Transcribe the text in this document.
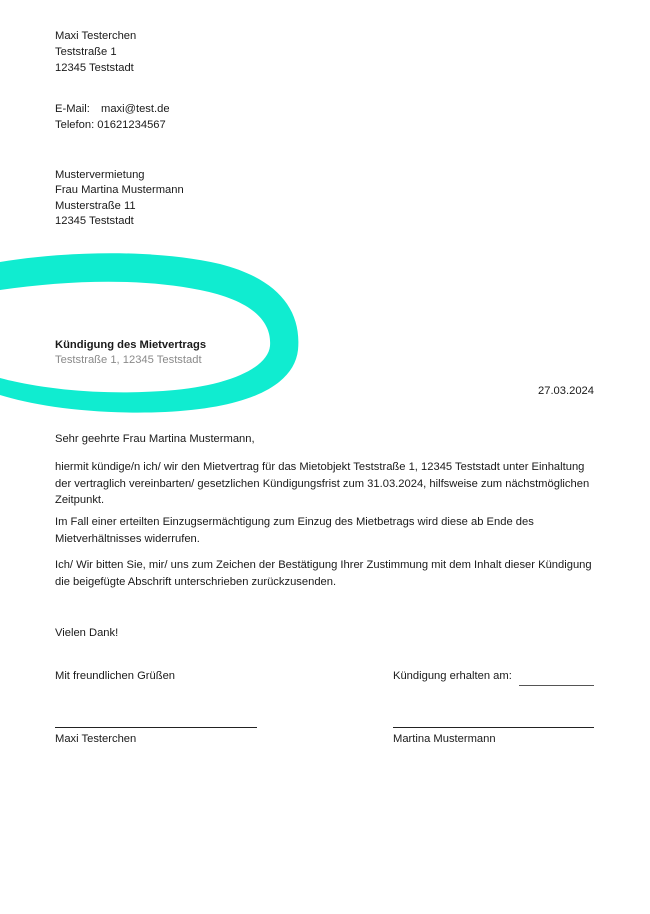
Maxi Testerchen
Teststraße 1
12345 Teststadt
E-Mail: maxi@test.de
Telefon: 01621234567
Mustervermietung
Frau Martina Mustermann
Musterstraße 11
12345 Teststadt
Kündigung des Mietvertrags
Teststraße 1, 12345 Teststadt
27.03.2024
Sehr geehrte Frau Martina Mustermann,
hiermit kündige/n ich/ wir den Mietvertrag für das Mietobjekt Teststraße 1, 12345 Teststadt unter Einhaltung der vertraglich vereinbarten/ gesetzlichen Kündigungsfrist zum 31.03.2024, hilfsweise zum nächstmöglichen Zeitpunkt.
Im Fall einer erteilten Einzugsermächtigung zum Einzug des Mietbetrags wird diese ab Ende des Mietverhältnisses widerrufen.
Ich/ Wir bitten Sie, mir/ uns zum Zeichen der Bestätigung Ihrer Zustimmung mit dem Inhalt dieser Kündigung die beigefügte Abschrift unterschrieben zurückzusenden.
Vielen Dank!
Mit freundlichen Grüßen	Kündigung erhalten am:
Maxi Testerchen	Martina Mustermann
